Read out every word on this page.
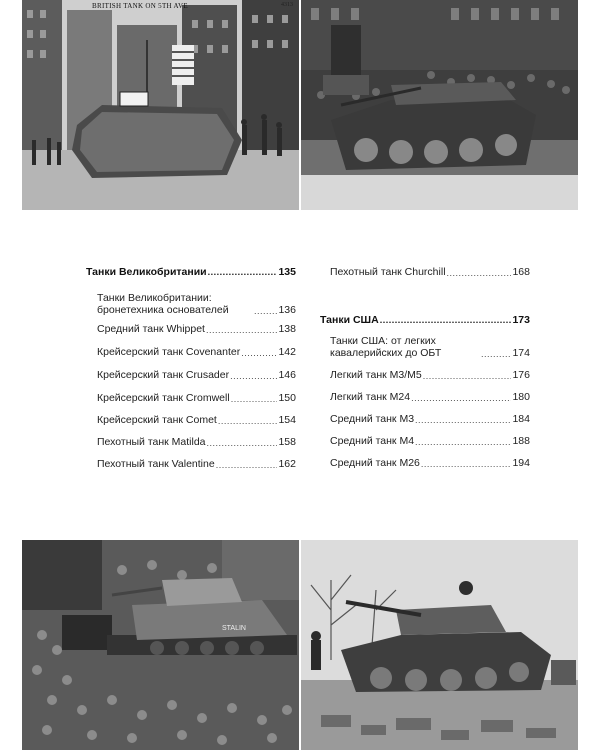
BRITISH TANK ON 5TH AVE	4313
Танки Великобритании .....	135
Танки Великобритании: бронетехника основателей .....	136
Средний танк Whippet .....	138
Крейсерский танк Covenanter .....	142
Крейсерский танк Crusader .....	146
Крейсерский танк Cromwell .....	150
Крейсерский танк Comet .....	154
Пехотный танк Matilda .....	158
Пехотный танк Valentine .....	162
Пехотный танк Churchill .....	168
Танки США .....	173
Танки США: от легких кавалерийских до ОБТ .....	174
Легкий танк M3/M5 .....	176
Легкий танк M24 .....	180
Средний танк M3 .....	184
Средний танк M4 .....	188
Средний танк M26 .....	194
STALIN
